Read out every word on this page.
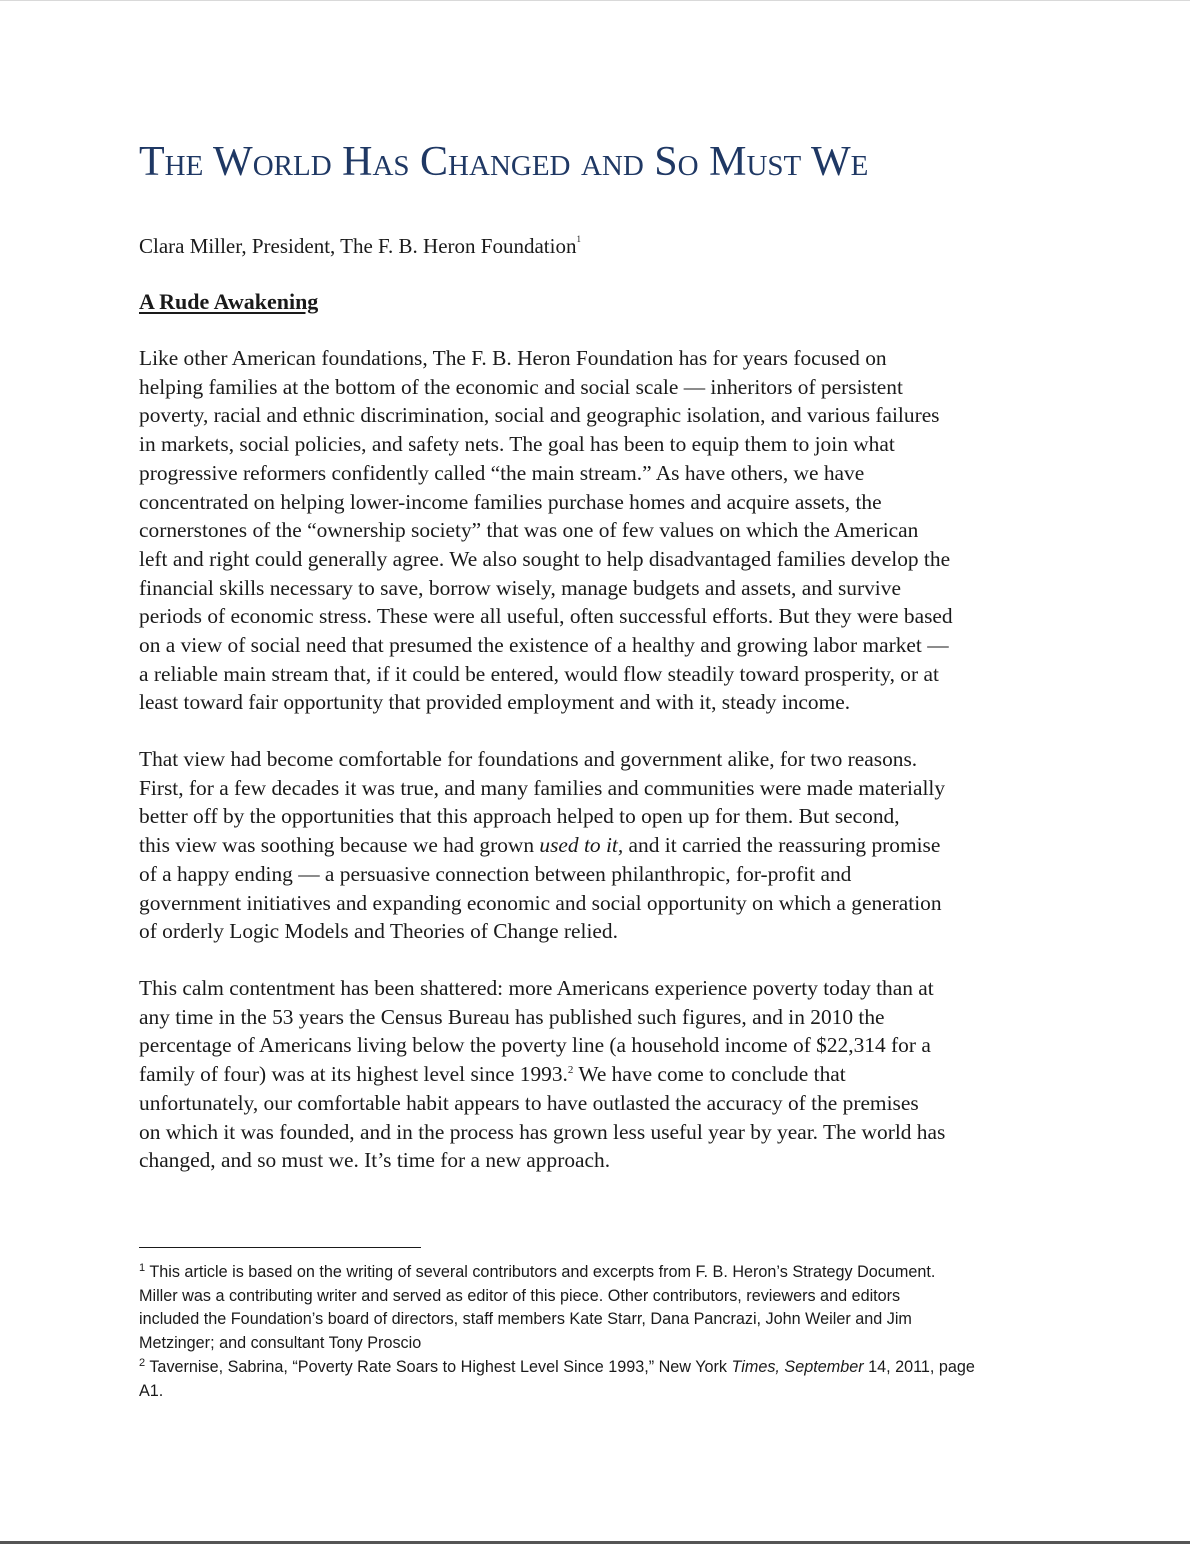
The World Has Changed and So Must We

Clara Miller, President, The F. B. Heron Foundation$^1$

A Rude Awakening

Like other American foundations, The F. B. Heron Foundation has for years focused on
helping families at the bottom of the economic and social scale — inheritors of persistent
poverty, racial and ethnic discrimination, social and geographic isolation, and various failures
in markets, social policies, and safety nets. The goal has been to equip them to join what
progressive reformers confidently called “the main stream.” As have others, we have
concentrated on helping lower-income families purchase homes and acquire assets, the
cornerstones of the “ownership society” that was one of few values on which the American
left and right could generally agree. We also sought to help disadvantaged families develop the
financial skills necessary to save, borrow wisely, manage budgets and assets, and survive
periods of economic stress. These were all useful, often successful efforts. But they were based
on a view of social need that presumed the existence of a healthy and growing labor market —
a reliable main stream that, if it could be entered, would flow steadily toward prosperity, or at
least toward fair opportunity that provided employment and with it, steady income.

That view had become comfortable for foundations and government alike, for two reasons.
First, for a few decades it was true, and many families and communities were made materially
better off by the opportunities that this approach helped to open up for them. But second,
this view was soothing because we had grown used to it, and it carried the reassuring promise
of a happy ending — a persuasive connection between philanthropic, for-profit and
government initiatives and expanding economic and social opportunity on which a generation
of orderly Logic Models and Theories of Change relied.

This calm contentment has been shattered: more Americans experience poverty today than at
any time in the 53 years the Census Bureau has published such figures, and in 2010 the
percentage of Americans living below the poverty line (a household income of $22,314 for a
family of four) was at its highest level since 1993.$^2$ We have come to conclude that
unfortunately, our comfortable habit appears to have outlasted the accuracy of the premises
on which it was founded, and in the process has grown less useful year by year. The world has
changed, and so must we. It’s time for a new approach.

$^1$ This article is based on the writing of several contributors and excerpts from F. B. Heron’s Strategy Document.
Miller was a contributing writer and served as editor of this piece. Other contributors, reviewers and editors
included the Foundation’s board of directors, staff members Kate Starr, Dana Pancrazi, John Weiler and Jim
Metzinger; and consultant Tony Proscio
$^2$ Tavernise, Sabrina, “Poverty Rate Soars to Highest Level Since 1993,” New York Times, September 14, 2011, page
A1.
